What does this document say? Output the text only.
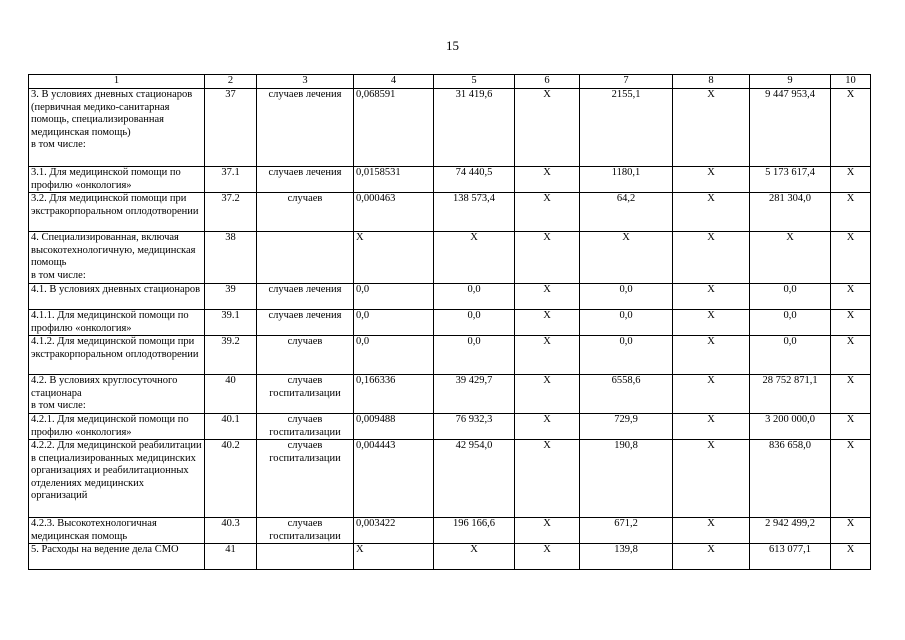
15
1	2	3	4	5	6	7	8	9	10
3. В условиях дневных стационаров (первичная медико-санитарная помощь, специализированная медицинская помощь)
в том числе:	37	случаев лечения	0,068591	31 419,6	X	2155,1	X	9 447 953,4	X
3.1. Для медицинской помощи по профилю «онкология»	37.1	случаев лечения	0,0158531	74 440,5	X	1180,1	X	5 173 617,4	X
3.2. Для медицинской помощи при экстракорпоральном оплодотворении	37.2	случаев	0,000463	138 573,4	X	64,2	X	281 304,0	X
4. Специализированная, включая высокотехнологичную, медицинская помощь
в том числе:	38		X	X	X	X	X	X	X
4.1. В условиях дневных стационаров	39	случаев лечения	0,0	0,0	X	0,0	X	0,0	X
4.1.1. Для медицинской помощи по профилю «онкология»	39.1	случаев лечения	0,0	0,0	X	0,0	X	0,0	X
4.1.2. Для медицинской помощи при экстракорпоральном оплодотворении	39.2	случаев	0,0	0,0	X	0,0	X	0,0	X
4.2. В условиях круглосуточного стационара
в том числе:	40	случаев госпитализации	0,166336	39 429,7	X	6558,6	X	28 752 871,1	X
4.2.1. Для медицинской помощи по профилю «онкология»	40.1	случаев госпитализации	0,009488	76 932,3	X	729,9	X	3 200 000,0	X
4.2.2. Для медицинской реабилитации в специализированных медицинских организациях и реабилитационных отделениях медицинских организаций	40.2	случаев госпитализации	0,004443	42 954,0	X	190,8	X	836 658,0	X
4.2.3. Высокотехнологичная медицинская помощь	40.3	случаев госпитализации	0,003422	196 166,6	X	671,2	X	2 942 499,2	X
5. Расходы на ведение дела СМО	41		X	X	X	139,8	X	613 077,1	X
